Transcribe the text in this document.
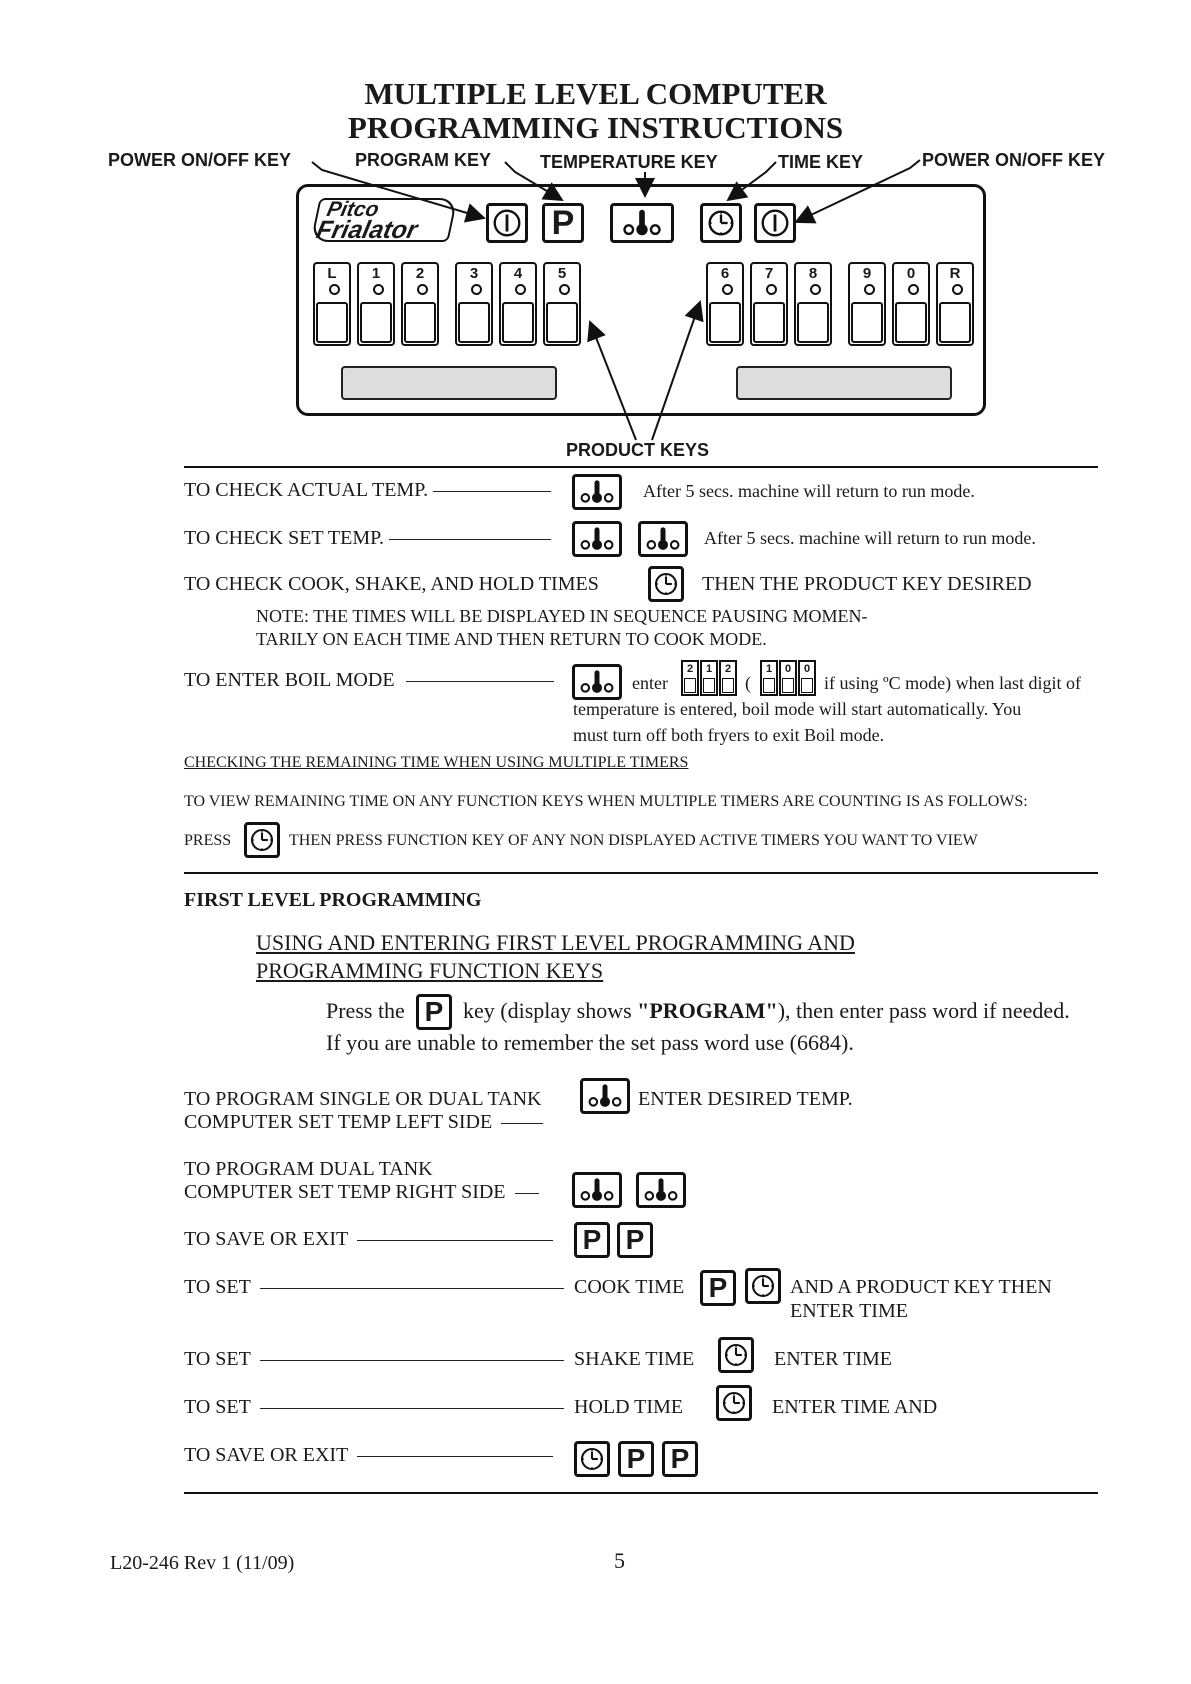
MULTIPLE LEVEL COMPUTER
PROGRAMMING INSTRUCTIONS
POWER ON/OFF KEY	PROGRAM KEY	TEMPERATURE KEY	TIME KEY	POWER ON/OFF KEY
Pitco
Frialator	P
L	1	2	3	4	5	6	7	8	9	0	R
PRODUCT KEYS
TO CHECK ACTUAL TEMP.	After 5 secs. machine will return to run mode.
TO CHECK SET TEMP.	After 5 secs. machine will return to run mode.
TO CHECK COOK, SHAKE, AND HOLD TIMES	THEN THE PRODUCT KEY DESIRED
NOTE: THE TIMES WILL BE DISPLAYED IN SEQUENCE PAUSING MOMEN-
TARILY ON EACH TIME AND THEN RETURN TO COOK MODE.
TO ENTER BOIL MODE	enter
2	1	2
(
1	0	0
if using ºC mode) when last digit of
temperature is entered, boil mode will start automatically. You
must turn off both fryers to exit Boil mode.
CHECKING THE REMAINING TIME WHEN USING MULTIPLE TIMERS
TO VIEW REMAINING TIME ON ANY FUNCTION KEYS WHEN MULTIPLE TIMERS ARE COUNTING IS AS FOLLOWS:
PRESS	THEN PRESS FUNCTION KEY OF ANY NON DISPLAYED ACTIVE TIMERS YOU WANT TO VIEW
FIRST LEVEL PROGRAMMING
USING AND ENTERING FIRST LEVEL PROGRAMMING AND
PROGRAMMING FUNCTION KEYS
Press the P key (display shows "PROGRAM"), then enter pass word if needed.
If you are unable to remember the set pass word use (6684).
TO PROGRAM SINGLE OR DUAL TANK
COMPUTER SET TEMP LEFT SIDE
ENTER DESIRED TEMP.
TO PROGRAM DUAL TANK
COMPUTER SET TEMP RIGHT SIDE
TO SAVE OR EXIT	P P
TO SET	COOK TIME P	AND A PRODUCT KEY THEN
ENTER TIME
TO SET	SHAKE TIME	ENTER TIME
TO SET	HOLD TIME	ENTER TIME AND
TO SAVE OR EXIT	P P
L20-246 Rev 1 (11/09)	5
